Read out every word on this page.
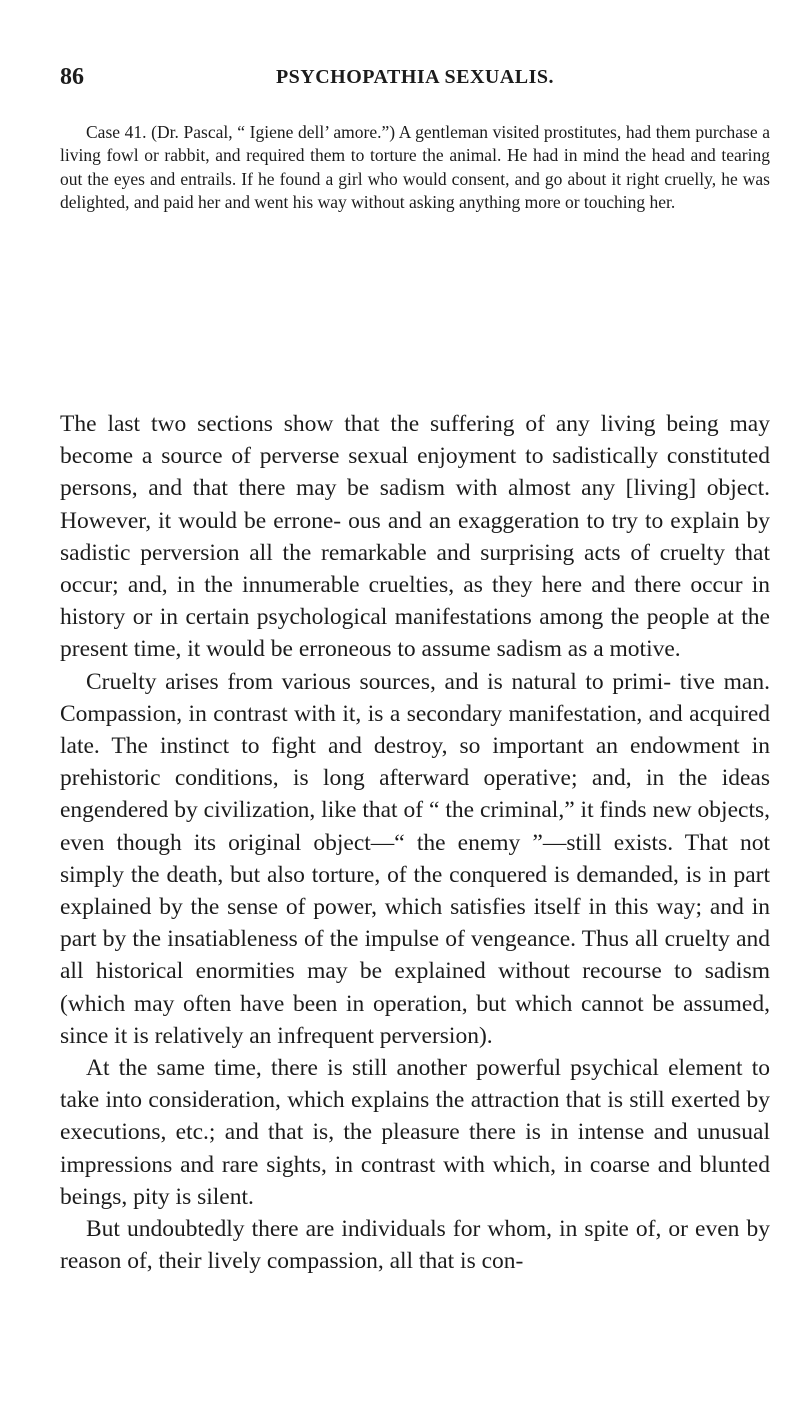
86	PSYCHOPATHIA SEXUALIS.

Case 41. (Dr. Pascal, “ Igiene dell’ amore.”) A gentleman visited prostitutes, had them purchase a living fowl or rabbit, and required them to torture the animal. He had in mind the head and tearing out the eyes and entrails. If he found a girl who would consent, and go about it right cruelly, he was delighted, and paid her and went his way without asking anything more or touching her.

The last two sections show that the suffering of any living being may become a source of perverse sexual enjoyment to sadistically constituted persons, and that there may be sadism with almost any [living] object. However, it would be errone- ous and an exaggeration to try to explain by sadistic perversion all the remarkable and surprising acts of cruelty that occur; and, in the innumerable cruelties, as they here and there occur in history or in certain psychological manifestations among the people at the present time, it would be erroneous to assume sadism as a motive.

Cruelty arises from various sources, and is natural to primi- tive man. Compassion, in contrast with it, is a secondary manifestation, and acquired late. The instinct to fight and destroy, so important an endowment in prehistoric conditions, is long afterward operative; and, in the ideas engendered by civilization, like that of “ the criminal,” it finds new objects, even though its original object—“ the enemy ”—still exists. That not simply the death, but also torture, of the conquered is demanded, is in part explained by the sense of power, which satisfies itself in this way; and in part by the insatiableness of the impulse of vengeance. Thus all cruelty and all historical enormities may be explained without recourse to sadism (which may often have been in operation, but which cannot be assumed, since it is relatively an infrequent perversion).

At the same time, there is still another powerful psychical element to take into consideration, which explains the attraction that is still exerted by executions, etc.; and that is, the pleasure there is in intense and unusual impressions and rare sights, in contrast with which, in coarse and blunted beings, pity is silent.

But undoubtedly there are individuals for whom, in spite of, or even by reason of, their lively compassion, all that is con-
